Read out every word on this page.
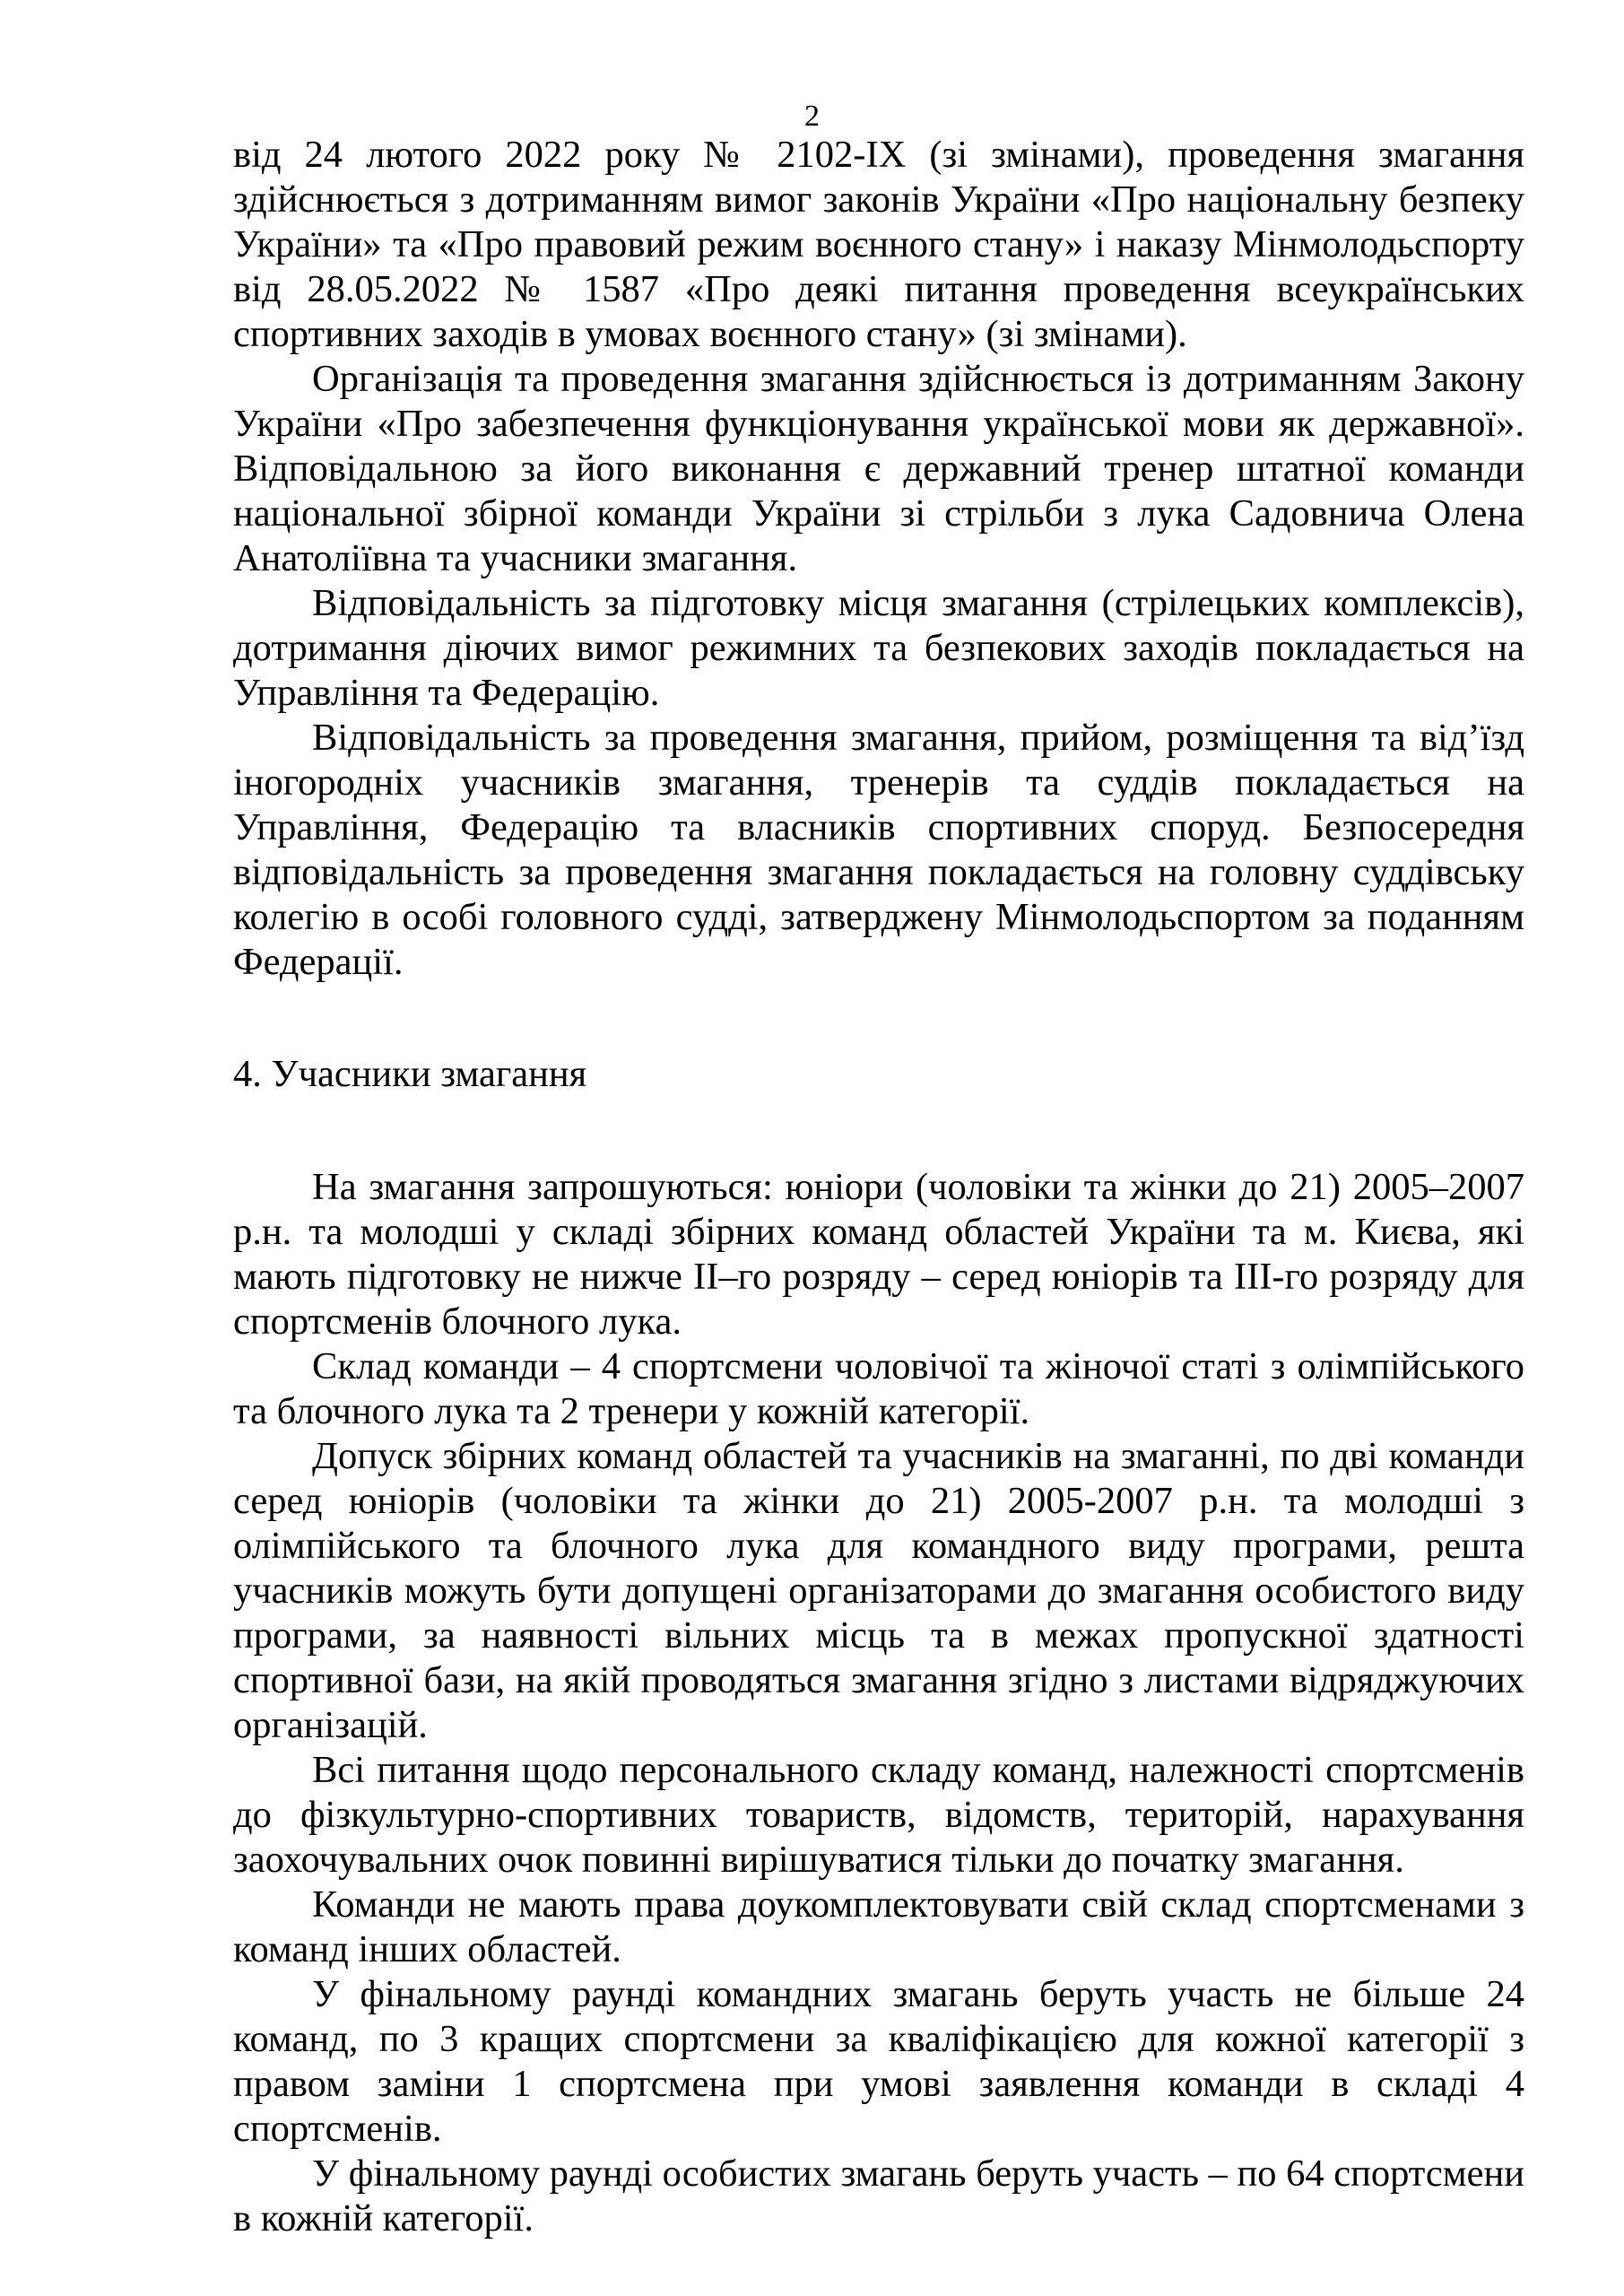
2

від 24 лютого 2022 року № 2102-IX (зі змінами), проведення змагання здійснюється з дотриманням вимог законів України «Про національну безпеку України» та «Про правовий режим воєнного стану» і наказу Мінмолодьспорту від 28.05.2022 № 1587 «Про деякі питання проведення всеукраїнських спортивних заходів в умовах воєнного стану» (зі змінами).

Організація та проведення змагання здійснюється із дотриманням Закону України «Про забезпечення функціонування української мови як державної». Відповідальною за його виконання є державний тренер штатної команди національної збірної команди України зі стрільби з лука Садовнича Олена Анатоліївна та учасники змагання.

Відповідальність за підготовку місця змагання (стрілецьких комплексів), дотримання діючих вимог режимних та безпекових заходів покладається на Управління та Федерацію.

Відповідальність за проведення змагання, прийом, розміщення та від’їзд іногородніх учасників змагання, тренерів та суддів покладається на Управління, Федерацію та власників спортивних споруд. Безпосередня відповідальність за проведення змагання покладається на головну суддівську колегію в особі головного судді, затверджену Мінмолодьспортом за поданням Федерації.

4. Учасники змагання

На змагання запрошуються: юніори (чоловіки та жінки до 21) 2005–2007 р.н. та молодші у складі збірних команд областей України та м. Києва, які мають підготовку не нижче ІІ–го розряду – серед юніорів та ІІІ-го розряду для спортсменів блочного лука.

Склад команди – 4 спортсмени чоловічої та жіночої статі з олімпійського та блочного лука та 2 тренери у кожній категорії.

Допуск збірних команд областей та учасників на змаганні, по дві команди серед юніорів (чоловіки та жінки до 21) 2005-2007 р.н. та молодші з олімпійського та блочного лука для командного виду програми, решта учасників можуть бути допущені організаторами до змагання особистого виду програми, за наявності вільних місць та в межах пропускної здатності спортивної бази, на якій проводяться змагання згідно з листами відряджуючих організацій.

Всі питання щодо персонального складу команд, належності спортсменів до фізкультурно-спортивних товариств, відомств, територій, нарахування заохочувальних очок повинні вирішуватися тільки до початку змагання.

Команди не мають права доукомплектовувати свій склад спортсменами з команд інших областей.

У фінальному раунді командних змагань беруть участь не більше 24 команд, по 3 кращих спортсмени за кваліфікацією для кожної категорії з правом заміни 1 спортсмена при умові заявлення команди в складі 4 спортсменів.

У фінальному раунді особистих змагань беруть участь – по 64 спортсмени в кожній категорії.
